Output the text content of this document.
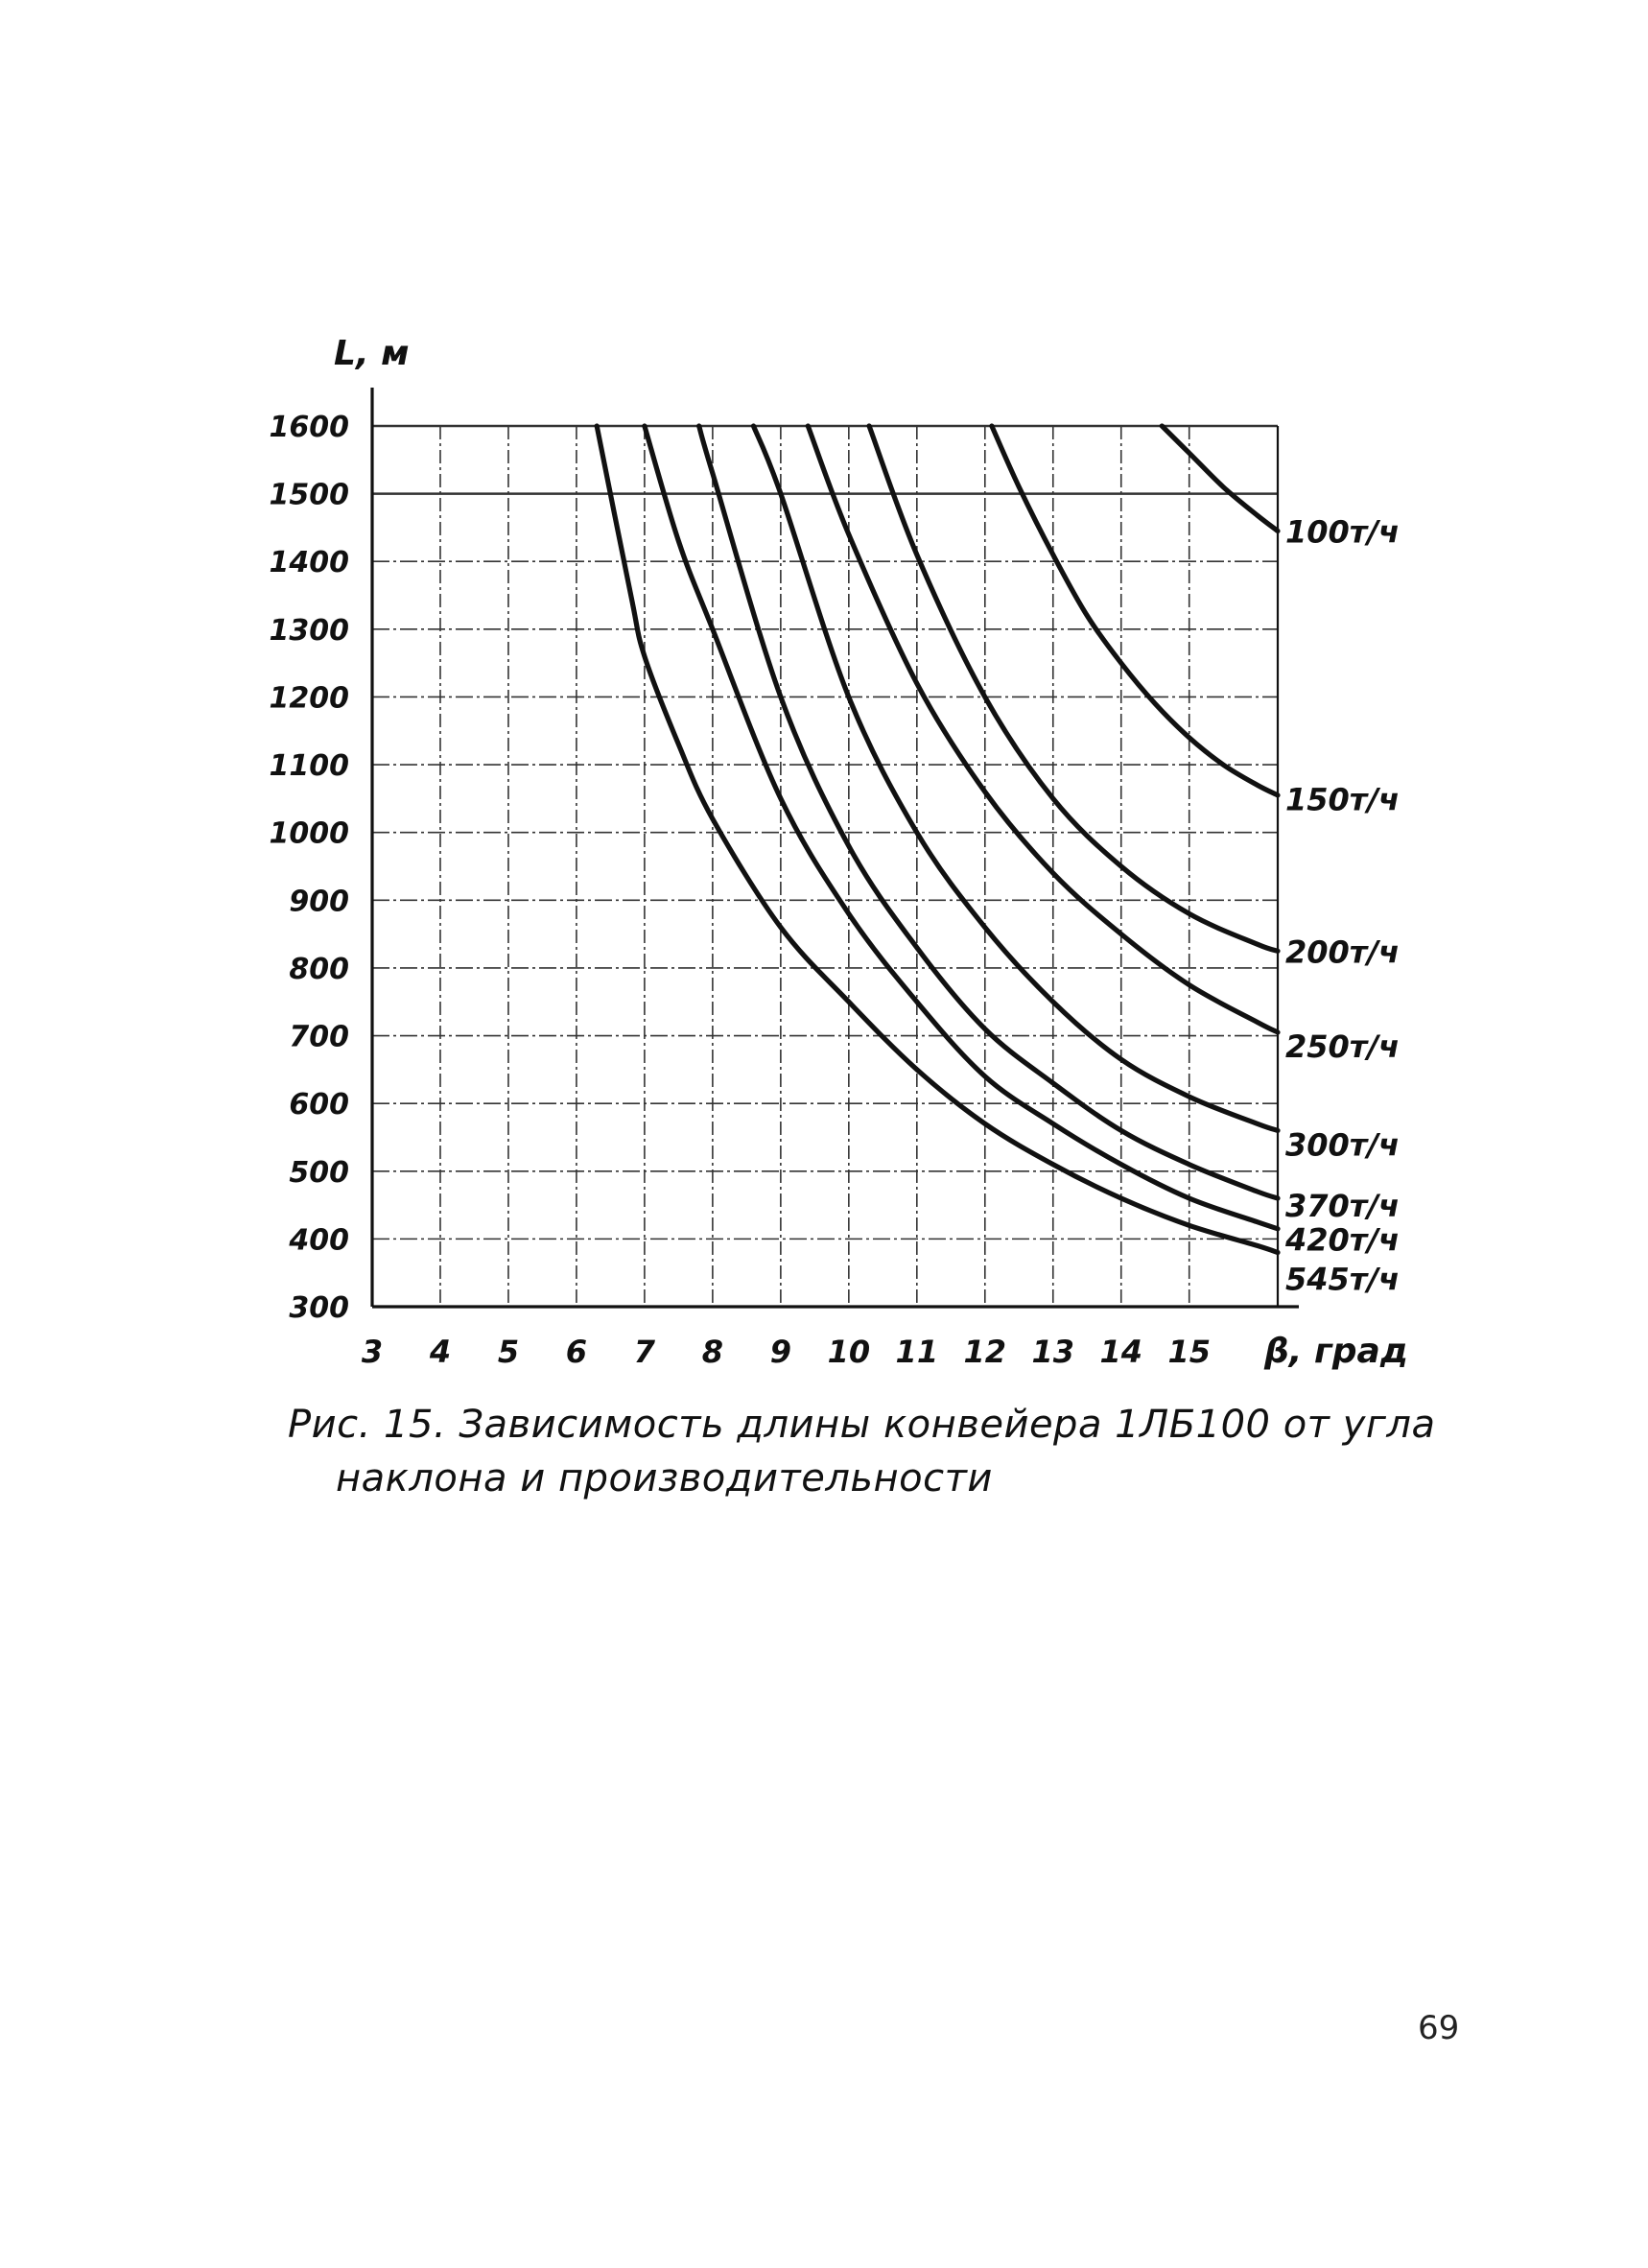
1600
1500
1400
1300
1200
1100
1000
900
800
700
600
500
400
300
3 4 5 6 7 8 9 10 11 12 13 14 15
100т/ч
150т/ч
200т/ч
250т/ч
300т/ч
370т/ч
420т/ч
545т/ч
L, м
β, град
Рис. 15. Зависимость длины конвейера 1ЛБ100 от угла
наклона и производительности
69
